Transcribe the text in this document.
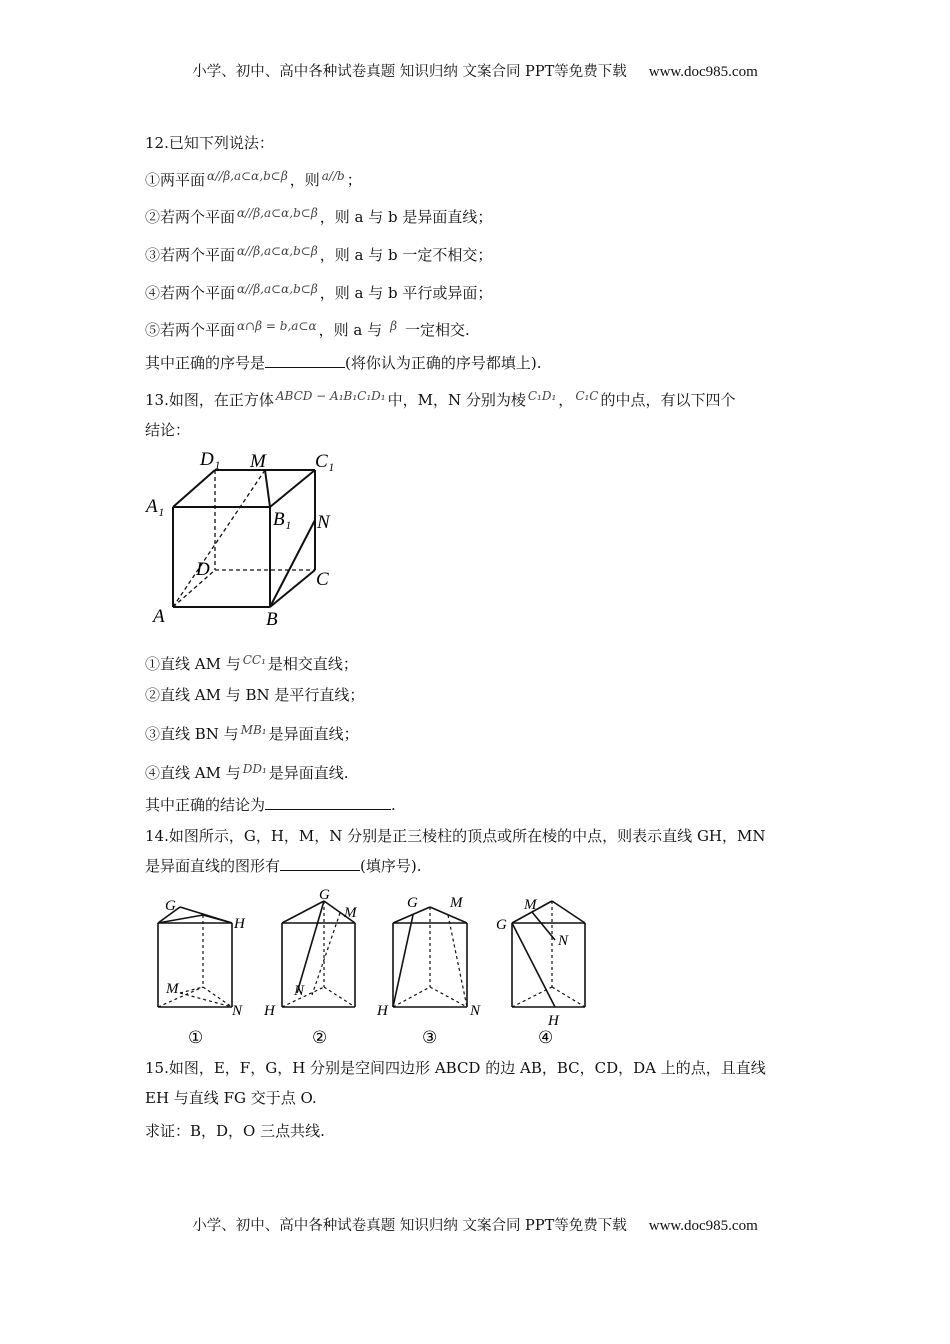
小学、初中、高中各种试卷真题 知识归纳 文案合同 PPT等免费下载 www.doc985.com
12.已知下列说法：
①两平面 $^{\alpha//\beta,a\subset\alpha,b\subset\beta}$ ，则 $^{a//b}$ ；
②若两个平面 $^{\alpha//\beta,a\subset\alpha,b\subset\beta}$ ，则 a 与 b 是异面直线；
③若两个平面 $^{\alpha//\beta,a\subset\alpha,b\subset\beta}$ ，则 a 与 b 一定不相交；
④若两个平面 $^{\alpha//\beta,a\subset\alpha,b\subset\beta}$ ，则 a 与 b 平行或异面；
⑤若两个平面 $^{\alpha\cap\beta = b,a\subset\alpha}$ ，则 a 与 $^\beta$ 一定相交.
其中正确的序号是	(将你认为正确的序号都填上).
13.如图，在正方体 $^{ABCD - A_1B_1C_1D_1}$ 中，M，N 分别为棱 $^{C_1D_1}$ ， $^{C_1C}$ 的中点，有以下四个
结论：
D₁ M	C₁
A₁
B₁ N
D	C
A	B
①直线 AM 与 $^{CC_1}$ 是相交直线；
②直线 AM 与 BN 是平行直线；
③直线 BN 与 $^{MB_1}$ 是异面直线；
④直线 AM 与 $^{DD_1}$ 是异面直线.
其中正确的结论为	.
14.如图所示，G，H，M，N 分别是正三棱柱的顶点或所在棱的中点，则表示直线 GH，MN
是异面直线的图形有	(填序号).
G
H
M
N
①
G
M
N
H
②
G M
H	N
③
M
G
N
H
④
15.如图，E，F，G，H 分别是空间四边形 ABCD 的边 AB，BC，CD，DA 上的点，且直线
EH 与直线 FG 交于点 O.
求证：B，D，O 三点共线.
小学、初中、高中各种试卷真题 知识归纳 文案合同 PPT等免费下载 www.doc985.com
